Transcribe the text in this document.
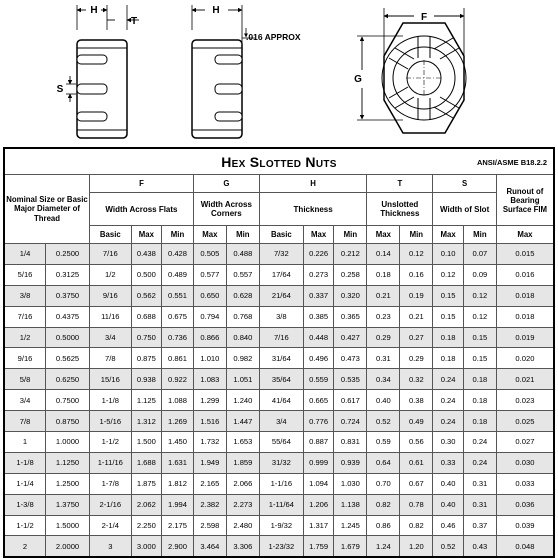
H
T
S
H
.016 APPROX
F
G
Hex Slotted Nuts ANSI/ASME B18.2.2														

Nominal Size or Basic Major Diameter of Thread		F			G		H			T		S		Runout of Bearing Surface FIM
		Width Across Flats			Width Across Corners		Thickness			Unslotted Thickness		Width of Slot		
		Basic	Max	Min	Max	Min	Basic	Max	Min	Max	Min	Max	Min	Max
1/4	0.2500	7/16	0.438	0.428	0.505	0.488	7/32	0.226	0.212	0.14	0.12	0.10	0.07	0.015
5/16	0.3125	1/2	0.500	0.489	0.577	0.557	17/64	0.273	0.258	0.18	0.16	0.12	0.09	0.016
3/8	0.3750	9/16	0.562	0.551	0.650	0.628	21/64	0.337	0.320	0.21	0.19	0.15	0.12	0.018
7/16	0.4375	11/16	0.688	0.675	0.794	0.768	3/8	0.385	0.365	0.23	0.21	0.15	0.12	0.018
1/2	0.5000	3/4	0.750	0.736	0.866	0.840	7/16	0.448	0.427	0.29	0.27	0.18	0.15	0.019
9/16	0.5625	7/8	0.875	0.861	1.010	0.982	31/64	0.496	0.473	0.31	0.29	0.18	0.15	0.020
5/8	0.6250	15/16	0.938	0.922	1.083	1.051	35/64	0.559	0.535	0.34	0.32	0.24	0.18	0.021
3/4	0.7500	1-1/8	1.125	1.088	1.299	1.240	41/64	0.665	0.617	0.40	0.38	0.24	0.18	0.023
7/8	0.8750	1-5/16	1.312	1.269	1.516	1.447	3/4	0.776	0.724	0.52	0.49	0.24	0.18	0.025
1	1.0000	1-1/2	1.500	1.450	1.732	1.653	55/64	0.887	0.831	0.59	0.56	0.30	0.24	0.027
1-1/8	1.1250	1-11/16	1.688	1.631	1.949	1.859	31/32	0.999	0.939	0.64	0.61	0.33	0.24	0.030
1-1/4	1.2500	1-7/8	1.875	1.812	2.165	2.066	1-1/16	1.094	1.030	0.70	0.67	0.40	0.31	0.033
1-3/8	1.3750	2-1/16	2.062	1.994	2.382	2.273	1-11/64	1.206	1.138	0.82	0.78	0.40	0.31	0.036
1-1/2	1.5000	2-1/4	2.250	2.175	2.598	2.480	1-9/32	1.317	1.245	0.86	0.82	0.46	0.37	0.039
2	2.0000	3	3.000	2.900	3.464	3.306	1-23/32	1.759	1.679	1.24	1.20	0.52	0.43	0.048
